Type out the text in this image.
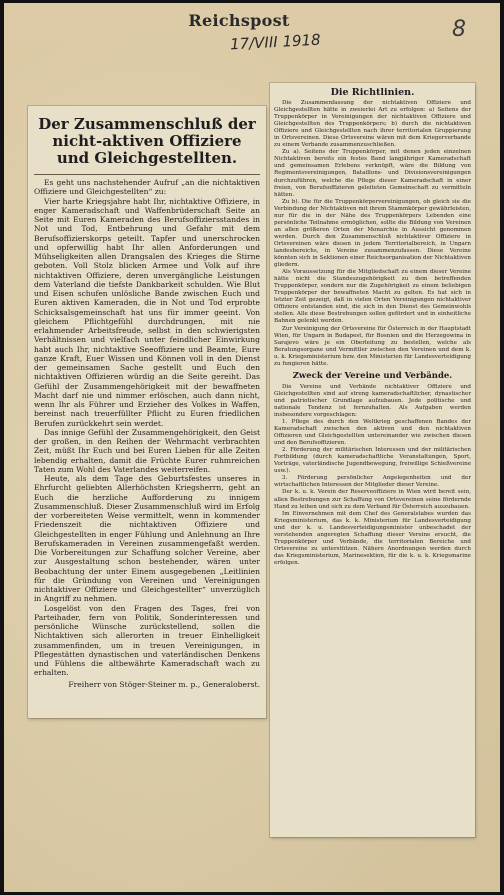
Reichspost
17/VIII 1918	8
Der Zusammenschluß der nicht-aktiven Offiziere und Gleichgestellten.

Es geht uns nachstehender Aufruf „an die nichtaktiven Offiziere und Gleichgestellten“ zu:

Vier harte Kriegsjahre habt Ihr, nichtaktive Offiziere, in enger Kameradschaft und Waffenbrüderschaft Seite an Seite mit Euren Kameraden des Berufsoffiziersstandes in Not und Tod, Entbehrung und Gefahr mit dem Berufsoffizierskorps geteilt. Tapfer und unerschrocken und opferwillig habt Ihr allen Anforderungen und Mühseligkeiten allen Drangsalen des Krieges die Stirne geboten. Voll Stolz blicken Armee und Volk auf ihre nichtaktiven Offiziere, deren unvergängliche Leistungen dem Vaterland die tiefste Dankbarkeit schulden. Wie Blut und Eisen schufen unlösliche Bande zwischen Euch und Euren aktiven Kameraden, die in Not und Tod erprobte Schicksalsgemeinschaft hat uns für immer geeint. Von gleichem Pflichtgefühl durchdrungen, mit nie erlahmender Arbeitsfreude, selbst in den schwierigsten Verhältnissen und vielfach unter feindlicher Einwirkung habt auch Ihr, nichtaktive Seeoffiziere und Beamte, Eure ganze Kraft, Euer Wissen und Können voll in den Dienst der gemeinsamen Sache gestellt und Euch den nichtaktiven Offizieren würdig an die Seite gereiht. Das Gefühl der Zusammengehörigkeit mit der bewaffneten Macht darf nie und nimmer erlöschen, auch dann nicht, wenn Ihr als Führer und Erzieher des Volkes in Waffen, bereinst nach treuerfüllter Pflicht zu Euren friedlichen Berufen zurückkehrt sein werdet.

Das innige Gefühl der Zusammengehörigkeit, den Geist der großen, in den Reihen der Wehrmacht verbrachten Zeit, müßt Ihr Euch und bei Euren Lieben für alle Zeiten lebendig erhalten, damit die Früchte Eurer ruhmreichen Taten zum Wohl des Vaterlandes weiterreifen.

Heute, als dem Tage des Geburtsfestes unseres in Ehrfurcht geliebten Allerhöchsten Kriegsherrn, geht an Euch die herzliche Aufforderung zu innigem Zusammenschluß. Dieser Zusammenschluß wird im Erfolg der vorbereiteten Weise vermittelt, wenn in kommender Friedenszeit die nichtaktiven Offiziere und Gleichgestellten in enger Fühlung und Anlehnung an Ihre Berufskameraden in Vereinen zusammengefaßt werden. Die Vorbereitungen zur Schaffung solcher Vereine, aber zur Ausgestaltung schon bestehender, wären unter Beobachtung der unter Einem ausgegebenen „Leitlinien für die Gründung von Vereinen und Vereinigungen nichtaktiver Offiziere und Gleichgestellter“ unverzüglich in Angriff zu nehmen.

Losgelöst von den Fragen des Tages, frei von Parteihader, fern von Politik, Sonderinteressen und persönliche Wünsche zurückstellend, sollen die Nichtaktiven sich allerorten in treuer Einhelligkeit zusammenfinden, um in treuen Vereinigungen, in Pflegestätten dynastischen und vaterländischen Denkens und Fühlens die altbewährte Kameradschaft wach zu erhalten.

Freiherr von Stöger-Steiner m. p., Generaloberst.
Die Richtlinien.

Die Zusammenfassung der nichtaktiven Offiziere und Gleichgestellten hätte in zweierlei Art zu erfolgen: a) Seitens der Truppenkörper in Vereinigungen der nichtaktiven Offiziere und Gleichgestellten des Truppenkörpers; b) durch die nichtaktiven Offiziere und Gleichgestellten nach ihrer territorialen Gruppierung in Ortsvereinen. Diese Ortsvereine wären mit dem Kriegerverbande zu einem Verbande zusammenzuschließen.

Zu a). Seitens der Truppenkörper, mit denen jeden einzelnen Nichtaktiven bereits ein festes Band langjähriger Kameradschaft und gemeinsamen Erlebens verknüpft, wäre die Bildung von Regimentsvereinigungen, Bataillons- und Divisionsvereinigungen durchzuführen, welche die Pflege dieser Kameradschaft in einer freien, von Berufsoffizieren geleiteten Gemeinschaft zu vermitteln hätten.

Zu b). Die für die Truppenkörpervereinigungen, ob gleich sie die Verbindung der Nichtaktiven mit ihrem Stammkörper gewährleisten, nur für die in der Nähe des Truppenkörpers Lebenden eine persönliche Teilnahme ermöglichen, sollte die Bildung von Vereinen an allen größeren Orten der Monarchie in Aussicht genommen werden. Durch den Zusammenschluß nichtaktiver Offiziere in Ortsvereinen wäre diesen in jedem Territorialbereich, in Ungarn landesbereichs, in Vereine zusammenzufassen. Diese Vereine könnten sich in Sektionen einer Reichsorganisation der Nichtaktiven gliedern.

Als Voraussetzung für die Mitgliedschaft zu einem dieser Vereine hätte nicht die Standeszugehörigkeit zu dem betreffenden Truppenkörper, sondern nur die Zugehörigkeit zu einem beliebigen Truppenkörper der bewaffneten Macht zu gelten. Es hat sich in letzter Zeit gezeigt, daß in vielen Orten Vereinigungen nichtaktiver Offiziere entstanden sind, die sich in den Dienst des Gemeinwohls stellen. Alle diese Bestrebungen sollen gefördert und in einheitliche Bahnen gelenkt werden.

Zur Vereinigung der Ortsvereine für Österreich in der Hauptstadt Wien, für Ungarn in Budapest, für Bosnien und die Herzegowina in Sarajevo wäre je ein Oberleitung zu bestellen, welche als Beratungsorgane und Vermittler zwischen den Vereinen und dem k. u. k. Kriegsministerium bzw. den Ministerien für Landesverteidigung zu fungieren hätte.

Zweck der Vereine und Verbände.

Die Vereine und Verbände nichtaktiver Offiziere und Gleichgestellten sind auf streng kameradschaftlicher, dynastischer und patriotischer Grundlage aufzubauen. Jede politische und nationale Tendenz ist fernzuhalten. Als Aufgaben werden insbesondere vorgeschlagen:

1. Pflege des durch den Weltkrieg geschaffenen Bandes der Kameradschaft zwischen den aktiven und den nichtaktiven Offizieren und Gleichgestellten untereinander wie zwischen diesen und den Berufsoffizieren.

2. Förderung der militärischen Interessen und der militärischen Fortbildung (durch kameradschaftliche Veranstaltungen, Sport, Vorträge, vaterländische Jugendbewegung, freiwillige Schießvereine usw.).

3. Förderung persönlicher Angelegenheiten und der wirtschaftlichen Interessen der Mitglieder dieser Vereine.

Der k. u. k. Verein der Reserveoffiziere in Wien wird bereit sein, allen Bestrebungen zur Schaffung von Ortsvereinen seine fördernde Hand zu leihen und sich zu dem Verband für Österreich auszubauen.

Im Einvernehmen mit dem Chef des Generalstabes wurden das Kriegsministerium, das k. k. Ministerium für Landesverteidigung und der k. u. Landesverteidigungsminister unbeschadet der vorstehenden angeregten Schaffung dieser Vereine ersucht, die Truppenkörper und Verbände, die territorialen Bereiche und Ortsvereine zu unterstützen. Nähere Anordnungen werden durch das Kriegsministerium, Marinesektion, für die k. u. k. Kriegsmarine erfolgen.
